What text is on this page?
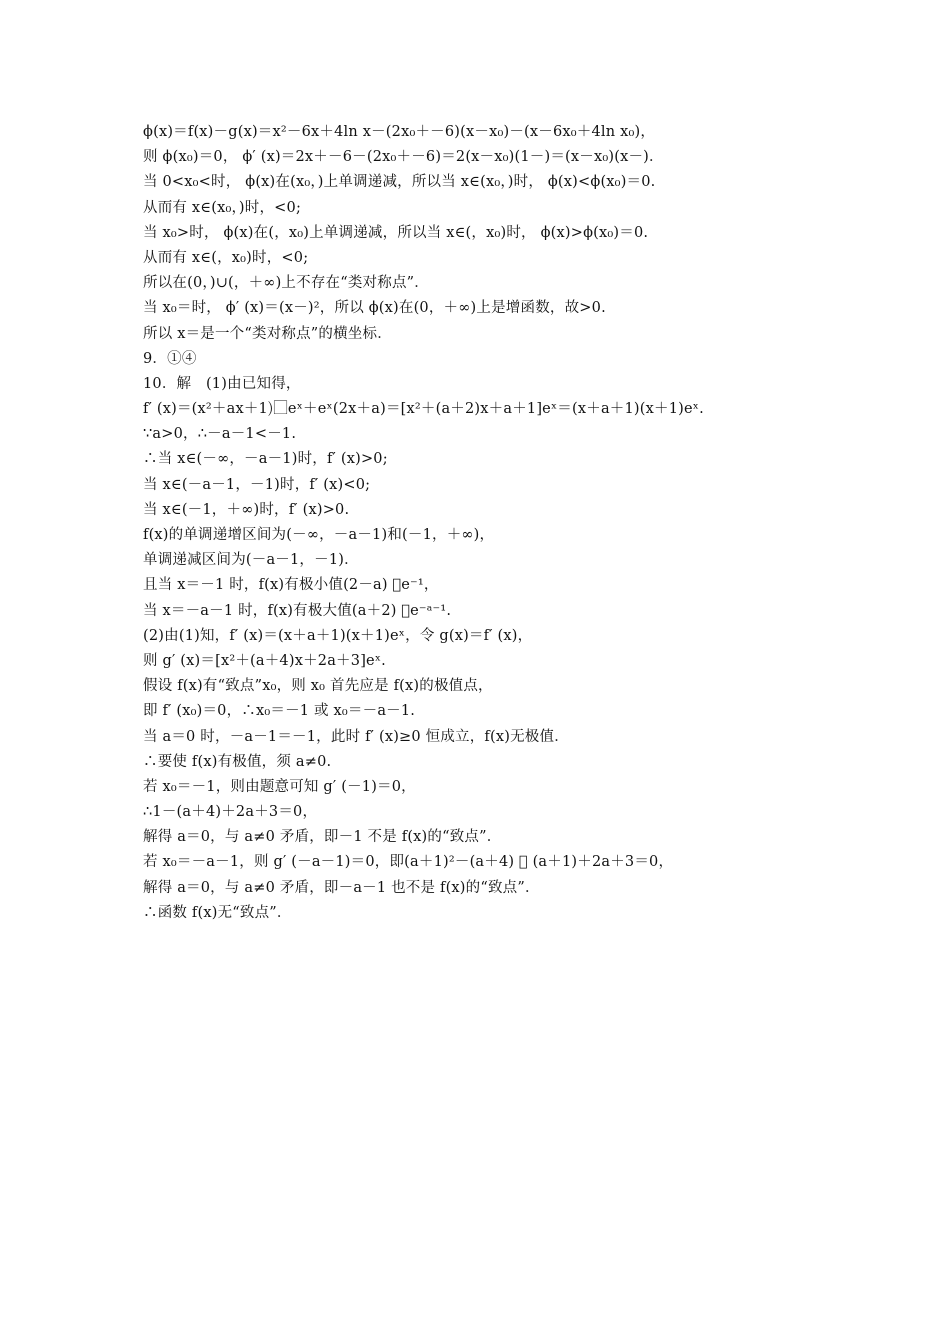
ϕ(x)＝f(x)－g(x)＝x²－6x＋4ln x－(2x₀＋－6)(x－x₀)－(x－6x₀＋4ln x₀)，
则 ϕ(x₀)＝0， ϕ′ (x)＝2x＋－6－(2x₀＋－6)＝2(x－x₀)(1－)＝(x－x₀)(x－)．
当 0<x₀<时， ϕ(x)在(x₀，)上单调递减，所以当 x∈(x₀，)时， ϕ(x)<ϕ(x₀)＝0.
从而有 x∈(x₀，)时，<0;
当 x₀>时， ϕ(x)在(，x₀)上单调递减，所以当 x∈(，x₀)时， ϕ(x)>ϕ(x₀)＝0.
从而有 x∈(，x₀)时，<0;
所以在(0，)∪(，＋∞)上不存在“类对称点”．
当 x₀＝时， ϕ′ (x)＝(x－)²，所以 ϕ(x)在(0，＋∞)上是增函数，故>0.
所以 x＝是一个“类对称点”的横坐标．
9．①④
10．解　(1)由已知得，
f′ (x)＝(x²＋ax＋1)⃞eˣ＋eˣ(2x＋a)＝[x²＋(a＋2)x＋a＋1]eˣ＝(x＋a＋1)(x＋1)eˣ.
∵a>0，∴－a－1<－1.
∴当 x∈(－∞，－a－1)时，f′ (x)>0;
当 x∈(－a－1，－1)时，f′ (x)<0;
当 x∈(－1，＋∞)时，f′ (x)>0.
f(x)的单调递增区间为(－∞，－a－1)和(－1，＋∞)，
单调递减区间为(－a－1，－1)．
且当 x＝－1 时，f(x)有极小值(2－a) ⃞e⁻¹，
当 x＝－a－1 时，f(x)有极大值(a＋2) ⃞e⁻ᵃ⁻¹.
(2)由(1)知，f′ (x)＝(x＋a＋1)(x＋1)eˣ，令 g(x)＝f′ (x)，
则 g′ (x)＝[x²＋(a＋4)x＋2a＋3]eˣ.
假设 f(x)有“致点”x₀，则 x₀ 首先应是 f(x)的极值点，
即 f′ (x₀)＝0，∴x₀＝－1 或 x₀＝－a－1.
当 a＝0 时，－a－1＝－1，此时 f′ (x)≥0 恒成立，f(x)无极值．
∴要使 f(x)有极值，须 a≠0.
若 x₀＝－1，则由题意可知 g′ (－1)＝0，
∴1－(a＋4)＋2a＋3＝0，
解得 a＝0，与 a≠0 矛盾，即－1 不是 f(x)的“致点”．
若 x₀＝－a－1，则 g′ (－a－1)＝0，即(a＋1)²－(a＋4) ⃞ (a＋1)＋2a＋3＝0，
解得 a＝0，与 a≠0 矛盾，即－a－1 也不是 f(x)的“致点”．
∴函数 f(x)无“致点”．
